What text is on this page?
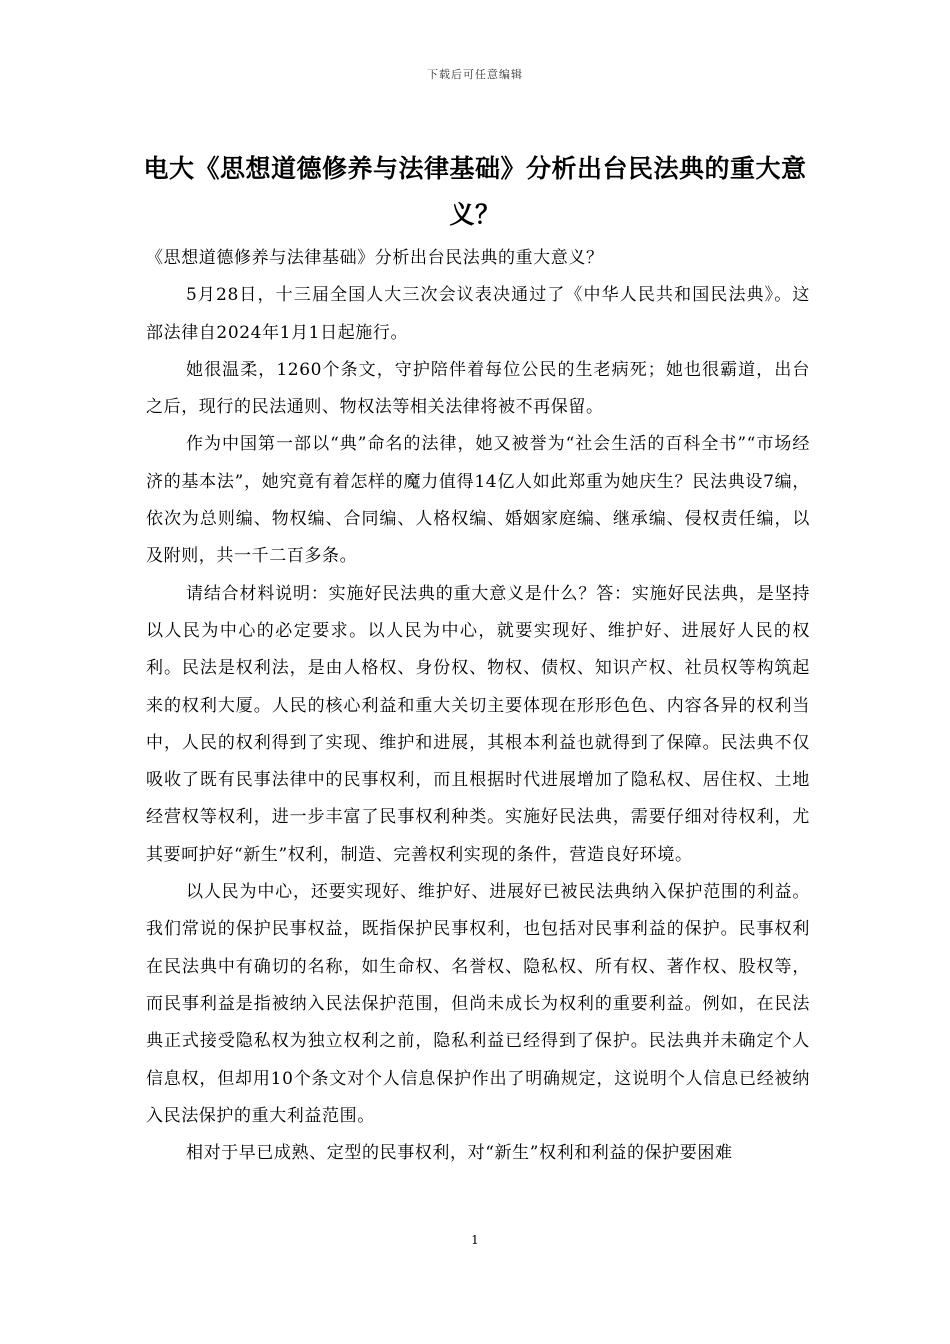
下载后可任意编辑
电大《思想道德修养与法律基础》分析出台民法典的重大意义？

《思想道德修养与法律基础》分析出台民法典的重大意义？

5月28日，十三届全国人大三次会议表决通过了《中华人民共和国民法典》。这部法律自2024年1月1日起施行。

她很温柔，1260个条文，守护陪伴着每位公民的生老病死；她也很霸道，出台之后，现行的民法通则、物权法等相关法律将被不再保留。

作为中国第一部以“典”命名的法律，她又被誉为“社会生活的百科全书”“市场经济的基本法”，她究竟有着怎样的魔力值得14亿人如此郑重为她庆生？民法典设7编，依次为总则编、物权编、合同编、人格权编、婚姻家庭编、继承编、侵权责任编，以及附则，共一千二百多条。

请结合材料说明：实施好民法典的重大意义是什么？答：实施好民法典，是坚持以人民为中心的必定要求。以人民为中心，就要实现好、维护好、进展好人民的权利。民法是权利法，是由人格权、身份权、物权、债权、知识产权、社员权等构筑起来的权利大厦。人民的核心利益和重大关切主要体现在形形色色、内容各异的权利当中，人民的权利得到了实现、维护和进展，其根本利益也就得到了保障。民法典不仅吸收了既有民事法律中的民事权利，而且根据时代进展增加了隐私权、居住权、土地经营权等权利，进一步丰富了民事权利种类。实施好民法典，需要仔细对待权利，尤其要呵护好“新生”权利，制造、完善权利实现的条件，营造良好环境。

以人民为中心，还要实现好、维护好、进展好已被民法典纳入保护范围的利益。我们常说的保护民事权益，既指保护民事权利，也包括对民事利益的保护。民事权利在民法典中有确切的名称，如生命权、名誉权、隐私权、所有权、著作权、股权等，而民事利益是指被纳入民法保护范围，但尚未成长为权利的重要利益。例如，在民法典正式接受隐私权为独立权利之前，隐私利益已经得到了保护。民法典并未确定个人信息权，但却用10个条文对个人信息保护作出了明确规定，这说明个人信息已经被纳入民法保护的重大利益范围。

相对于早已成熟、定型的民事权利，对“新生”权利和利益的保护要困难

1
